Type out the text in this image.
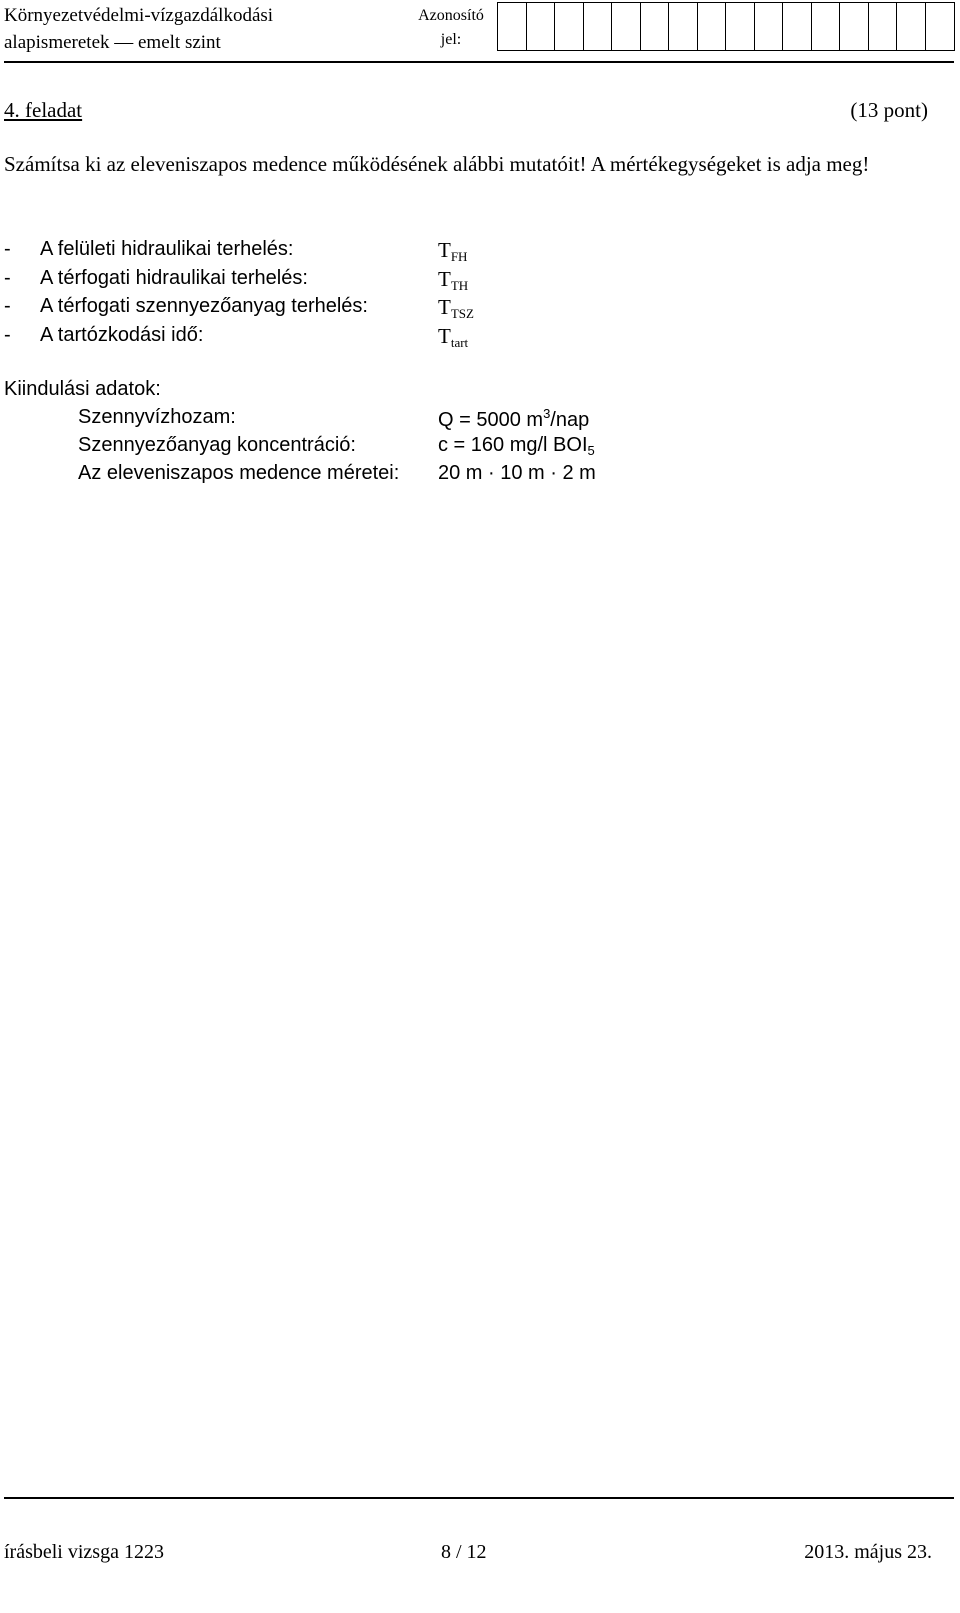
Környezetvédelmi-vízgazdálkodási
alapismeretek — emelt szint
Azonosító
jel:
4. feladat	(13 pont)
Számítsa ki az eleveniszapos medence működésének alábbi mutatóit! A mértékegységeket is adja meg!
- A felületi hidraulikai terhelés:	$T_{FH}$
- A térfogati hidraulikai terhelés:	$T_{TH}$
- A térfogati szennyezőanyag terhelés:	$T_{TSZ}$
- A tartózkodási idő:	$T_{tart}$
Kiindulási adatok:
Szennyvízhozam:	Q = 5000 $m^3$/nap
Szennyezőanyag koncentráció:	c = 160 mg/l $BOI_5$
Az eleveniszapos medence méretei: 20 m · 10 m · 2 m
írásbeli vizsga 1223	8 / 12	2013. május 23.
